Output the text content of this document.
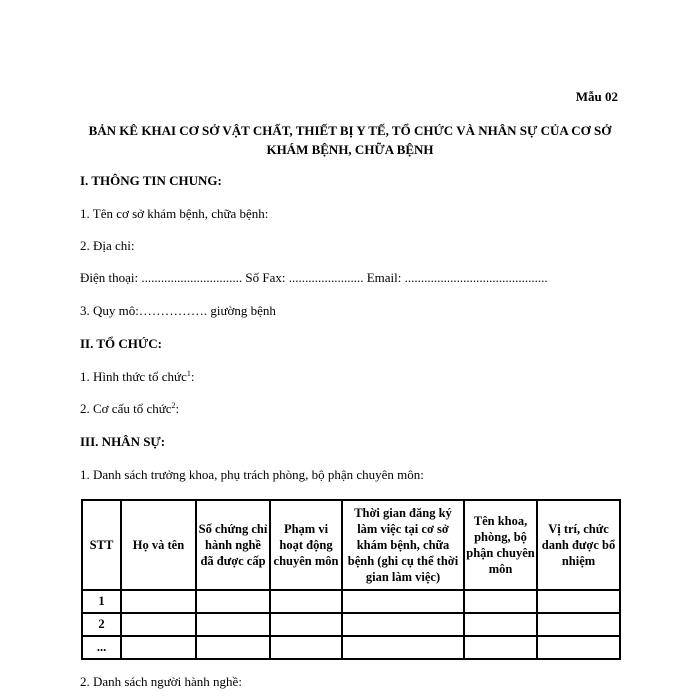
Mẫu 02
BẢN KÊ KHAI CƠ SỞ VẬT CHẤT, THIẾT BỊ Y TẾ, TỔ CHỨC VÀ NHÂN SỰ CỦA CƠ SỞ KHÁM BỆNH, CHỮA BỆNH
I. THÔNG TIN CHUNG:
1. Tên cơ sở khám bệnh, chữa bệnh:
2. Địa chỉ:
Điện thoại: ............................... Số Fax: ....................... Email: ............................................
3. Quy mô:……………. giường bệnh
II. TỔ CHỨC:
1. Hình thức tổ chức$^1$:
2. Cơ cấu tổ chức$^2$:
III. NHÂN SỰ:
1. Danh sách trưởng khoa, phụ trách phòng, bộ phận chuyên môn:
STT	Họ và tên	Số chứng chỉ hành nghề đã được cấp	Phạm vi hoạt động chuyên môn	Thời gian đăng ký làm việc tại cơ sở khám bệnh, chữa bệnh (ghi cụ thể thời gian làm việc)	Tên khoa, phòng, bộ phận chuyên môn	Vị trí, chức danh được bổ nhiệm
1						
2						
...						
2. Danh sách người hành nghề:
